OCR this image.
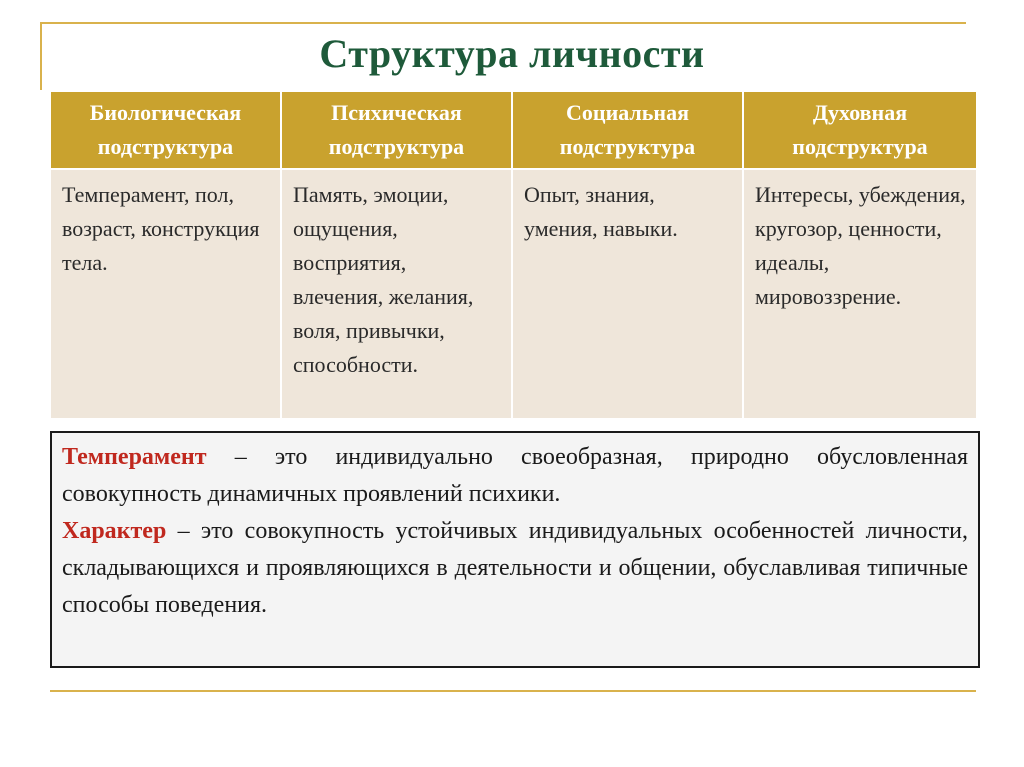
Структура личности
Биологическая подструктура	Психическая подструктура	Социальная подструктура	Духовная подструктура
Темперамент, пол, возраст, конструкция тела.	Память, эмоции, ощущения, восприятия, влечения, желания, воля, привычки, способности.	Опыт, знания, умения, навыки.	Интересы, убеждения, кругозор, ценности, идеалы, мировоззрение.

Темперамент – это индивидуально своеобразная, природно обусловленная совокупность динамичных проявлений психики.

Характер – это совокупность устойчивых индивидуальных особенностей личности, складывающихся и проявляющихся в деятельности и общении, обуславливая типичные способы поведения.
